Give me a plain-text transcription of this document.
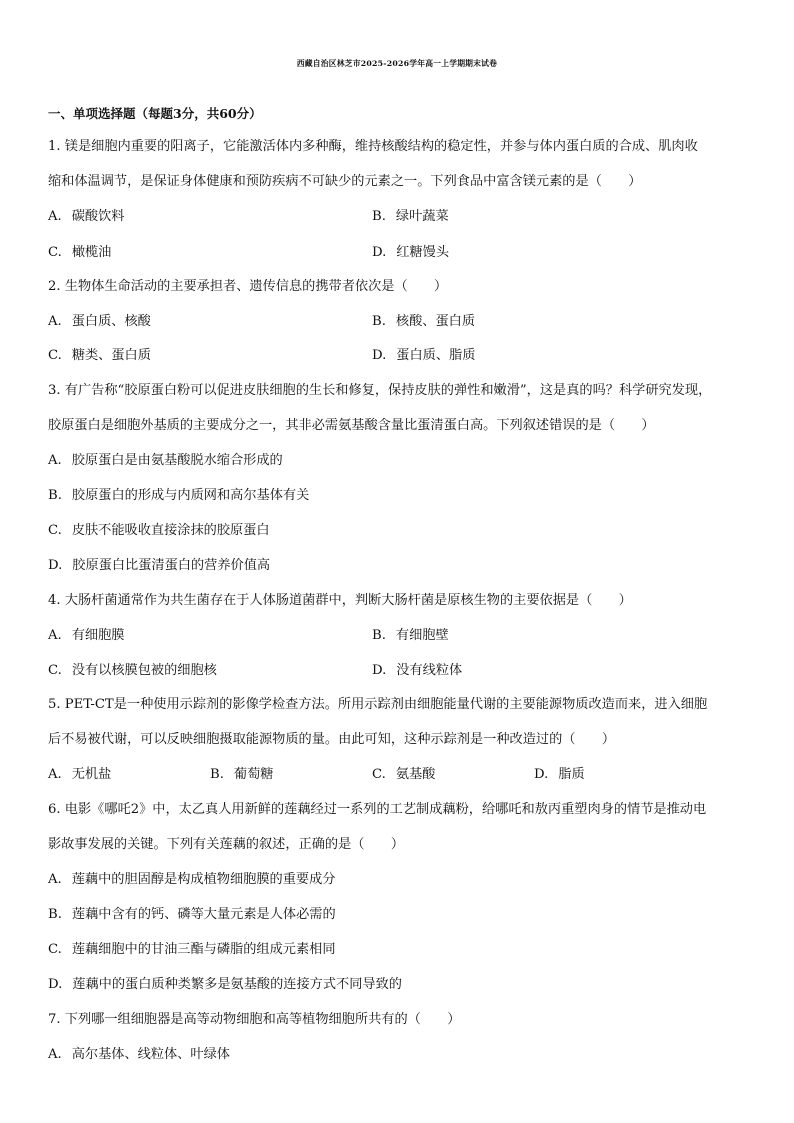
西藏自治区林芝市2025-2026学年高一上学期期末试卷
一、单项选择题（每题3分，共60分）
1. 镁是细胞内重要的阳离子，它能激活体内多种酶，维持核酸结构的稳定性，并参与体内蛋白质的合成、肌肉收
缩和体温调节，是保证身体健康和预防疾病不可缺少的元素之一。下列食品中富含镁元素的是（　　）
A. 碳酸饮料	B. 绿叶蔬菜
C. 橄榄油	D. 红糖馒头
2. 生物体生命活动的主要承担者、遗传信息的携带者依次是（　　）
A. 蛋白质、核酸	B. 核酸、蛋白质
C. 糖类、蛋白质	D. 蛋白质、脂质
3. 有广告称“胶原蛋白粉可以促进皮肤细胞的生长和修复，保持皮肤的弹性和嫩滑”，这是真的吗？科学研究发现，
胶原蛋白是细胞外基质的主要成分之一，其非必需氨基酸含量比蛋清蛋白高。下列叙述错误的是（　　）
A. 胶原蛋白是由氨基酸脱水缩合形成的
B. 胶原蛋白的形成与内质网和高尔基体有关
C. 皮肤不能吸收直接涂抹的胶原蛋白
D. 胶原蛋白比蛋清蛋白的营养价值高
4. 大肠杆菌通常作为共生菌存在于人体肠道菌群中，判断大肠杆菌是原核生物的主要依据是（　　）
A. 有细胞膜	B. 有细胞壁
C. 没有以核膜包被的细胞核	D. 没有线粒体
5. PET-CT是一种使用示踪剂的影像学检查方法。所用示踪剂由细胞能量代谢的主要能源物质改造而来，进入细胞
后不易被代谢，可以反映细胞摄取能源物质的量。由此可知，这种示踪剂是一种改造过的（　　）
A. 无机盐	B. 葡萄糖	C. 氨基酸	D. 脂质
6. 电影《哪吒2》中，太乙真人用新鲜的莲藕经过一系列的工艺制成藕粉，给哪吒和敖丙重塑肉身的情节是推动电
影故事发展的关键。下列有关莲藕的叙述，正确的是（　　）
A. 莲藕中的胆固醇是构成植物细胞膜的重要成分
B. 莲藕中含有的钙、磷等大量元素是人体必需的
C. 莲藕细胞中的甘油三酯与磷脂的组成元素相同
D. 莲藕中的蛋白质种类繁多是氨基酸的连接方式不同导致的
7. 下列哪一组细胞器是高等动物细胞和高等植物细胞所共有的（　　）
A. 高尔基体、线粒体、叶绿体
